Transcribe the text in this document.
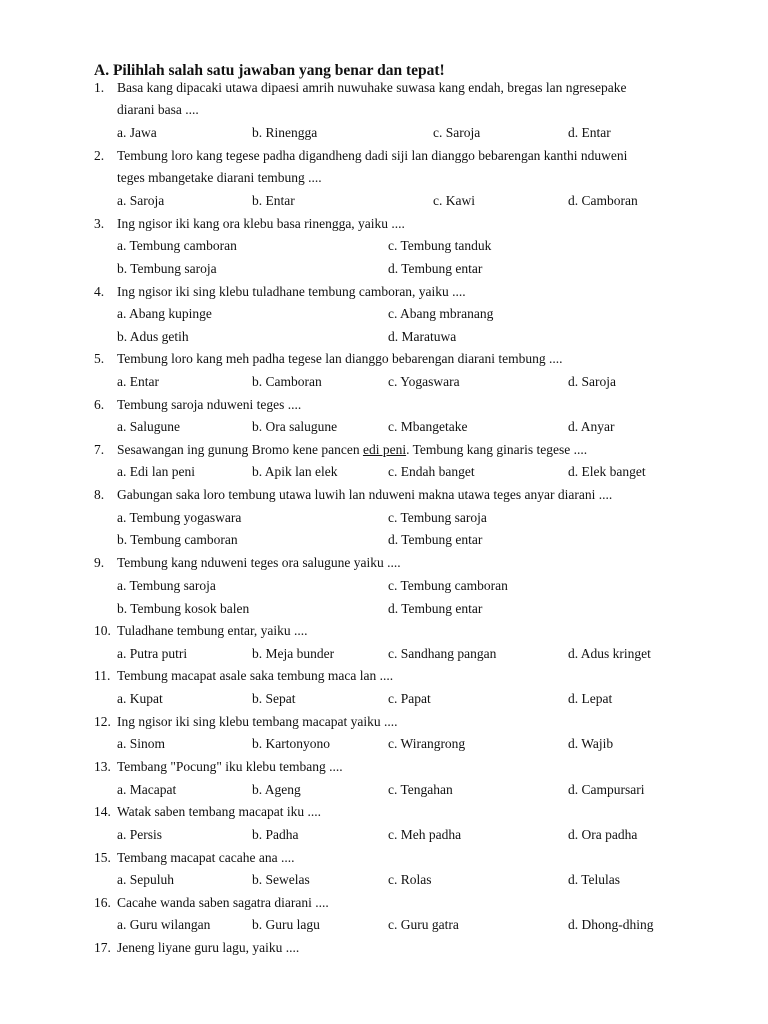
A. Pilihlah salah satu jawaban yang benar dan tepat!
1. Basa kang dipacaki utawa dipaesi amrih nuwuhake suwasa kang endah, bregas lan ngresepake
diarani basa ....
a. Jawa	b. Rinengga	c. Saroja	d. Entar
2. Tembung loro kang tegese padha digandheng dadi siji lan dianggo bebarengan kanthi nduweni
teges mbangetake diarani tembung ....
a. Saroja	b. Entar	c. Kawi	d. Camboran
3. Ing ngisor iki kang ora klebu basa rinengga, yaiku ....
a. Tembung camboran	c. Tembung tanduk
b. Tembung saroja	d. Tembung entar
4. Ing ngisor iki sing klebu tuladhane tembung camboran, yaiku ....
a. Abang kupinge	c. Abang mbranang
b. Adus getih	d. Maratuwa
5. Tembung loro kang meh padha tegese lan dianggo bebarengan diarani tembung ....
a. Entar	b. Camboran	c. Yogaswara	d. Saroja
6. Tembung saroja nduweni teges ....
a. Salugune	b. Ora salugune	c. Mbangetake	d. Anyar
7. Sesawangan ing gunung Bromo kene pancen edi peni. Tembung kang ginaris tegese ....
a. Edi lan peni	b. Apik lan elek	c. Endah banget	d. Elek banget
8. Gabungan saka loro tembung utawa luwih lan nduweni makna utawa teges anyar diarani ....
a. Tembung yogaswara	c. Tembung saroja
b. Tembung camboran	d. Tembung entar
9. Tembung kang nduweni teges ora salugune yaiku ....
a. Tembung saroja	c. Tembung camboran
b. Tembung kosok balen	d. Tembung entar
10. Tuladhane tembung entar, yaiku ....
a. Putra putri	b. Meja bunder	c. Sandhang pangan	d. Adus kringet
11. Tembung macapat asale saka tembung maca lan ....
a. Kupat	b. Sepat	c. Papat	d. Lepat
12. Ing ngisor iki sing klebu tembang macapat yaiku ....
a. Sinom	b. Kartonyono	c. Wirangrong	d. Wajib
13. Tembang "Pocung" iku klebu tembang ....
a. Macapat	b. Ageng	c. Tengahan	d. Campursari
14. Watak saben tembang macapat iku ....
a. Persis	b. Padha	c. Meh padha	d. Ora padha
15. Tembang macapat cacahe ana ....
a. Sepuluh	b. Sewelas	c. Rolas	d. Telulas
16. Cacahe wanda saben sagatra diarani ....
a. Guru wilangan	b. Guru lagu	c. Guru gatra	d. Dhong-dhing
17. Jeneng liyane guru lagu, yaiku ....
